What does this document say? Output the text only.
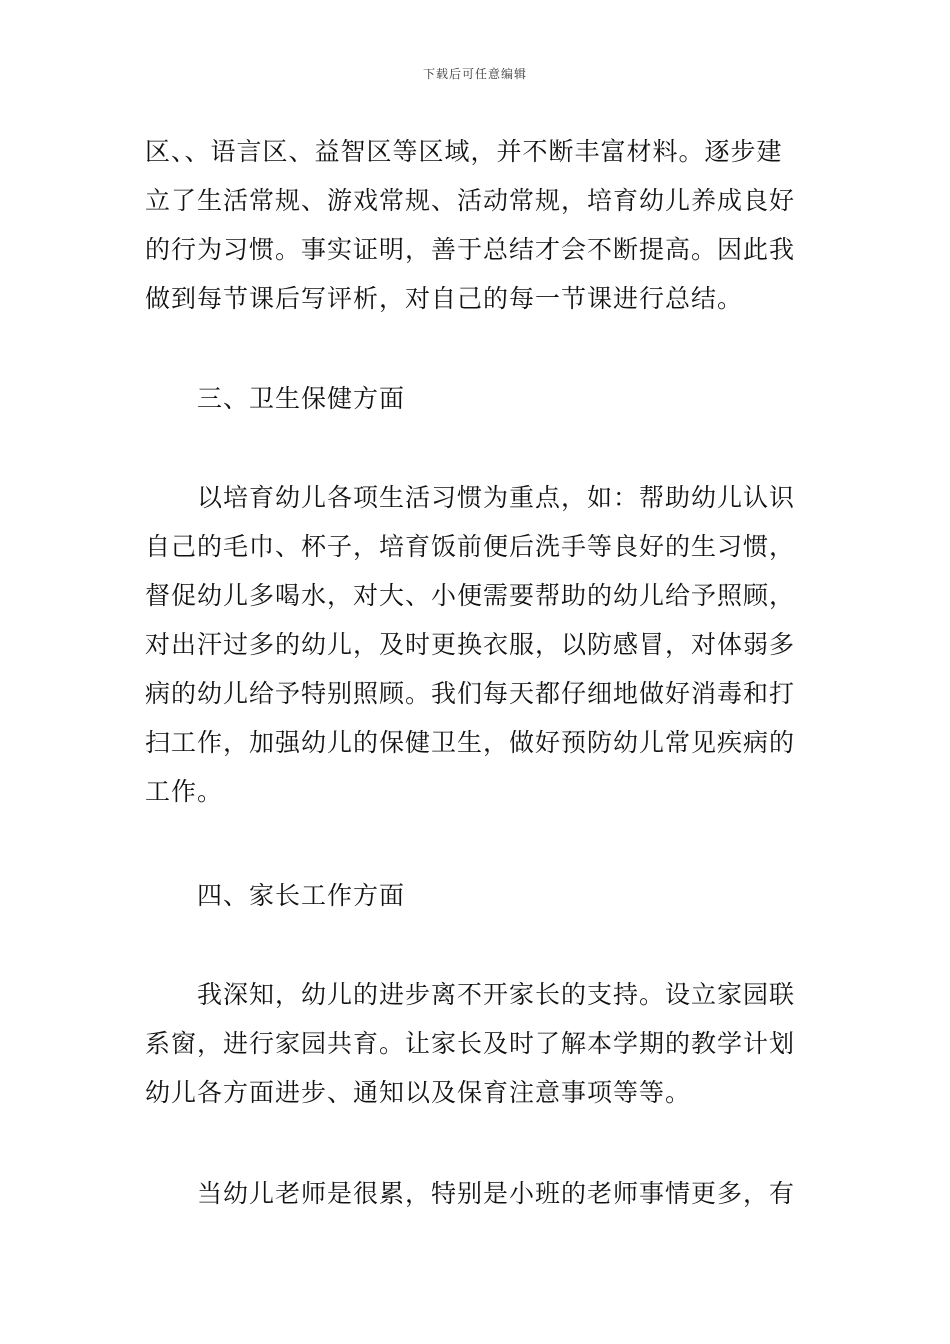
下载后可任意编辑
区、、语言区、益智区等区域，并不断丰富材料。逐步建
立了生活常规、游戏常规、活动常规，培育幼儿养成良好
的行为习惯。事实证明，善于总结才会不断提高。因此我
做到每节课后写评析，对自己的每一节课进行总结。
三、卫生保健方面
以培育幼儿各项生活习惯为重点，如：帮助幼儿认识
自己的毛巾、杯子，培育饭前便后洗手等良好的生习惯，
督促幼儿多喝水，对大、小便需要帮助的幼儿给予照顾，
对出汗过多的幼儿，及时更换衣服，以防感冒，对体弱多
病的幼儿给予特别照顾。我们每天都仔细地做好消毒和打
扫工作，加强幼儿的保健卫生，做好预防幼儿常见疾病的
工作。
四、家长工作方面
我深知，幼儿的进步离不开家长的支持。设立家园联
系窗，进行家园共育。让家长及时了解本学期的教学计划
幼儿各方面进步、通知以及保育注意事项等等。
当幼儿老师是很累，特别是小班的老师事情更多，有
